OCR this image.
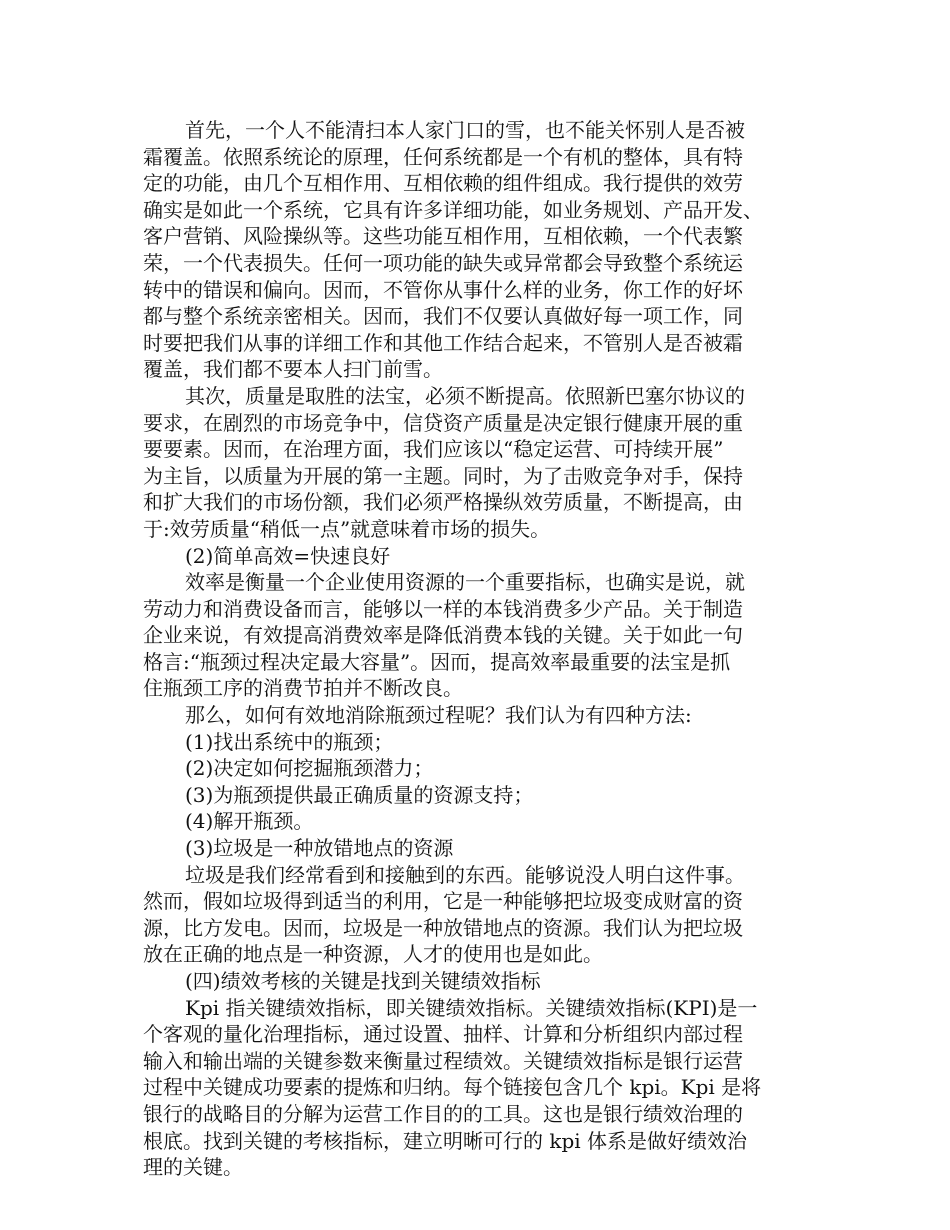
首先，一个人不能清扫本人家门口的雪，也不能关怀别人是否被
霜覆盖。依照系统论的原理，任何系统都是一个有机的整体，具有特
定的功能，由几个互相作用、互相依赖的组件组成。我行提供的效劳
确实是如此一个系统，它具有许多详细功能，如业务规划、产品开发、
客户营销、风险操纵等。这些功能互相作用，互相依赖，一个代表繁
荣，一个代表损失。任何一项功能的缺失或异常都会导致整个系统运
转中的错误和偏向。因而，不管你从事什么样的业务，你工作的好坏
都与整个系统亲密相关。因而，我们不仅要认真做好每一项工作，同
时要把我们从事的详细工作和其他工作结合起来，不管别人是否被霜
覆盖，我们都不要本人扫门前雪。
其次，质量是取胜的法宝，必须不断提高。依照新巴塞尔协议的
要求，在剧烈的市场竞争中，信贷资产质量是决定银行健康开展的重
要要素。因而，在治理方面，我们应该以“稳定运营、可持续开展”
为主旨，以质量为开展的第一主题。同时，为了击败竞争对手，保持
和扩大我们的市场份额，我们必须严格操纵效劳质量，不断提高，由
于:效劳质量“稍低一点”就意味着市场的损失。
(2)简单高效=快速良好
效率是衡量一个企业使用资源的一个重要指标，也确实是说，就
劳动力和消费设备而言，能够以一样的本钱消费多少产品。关于制造
企业来说，有效提高消费效率是降低消费本钱的关键。关于如此一句
格言:“瓶颈过程决定最大容量”。因而，提高效率最重要的法宝是抓
住瓶颈工序的消费节拍并不断改良。
那么，如何有效地消除瓶颈过程呢？我们认为有四种方法:
(1)找出系统中的瓶颈；
(2)决定如何挖掘瓶颈潜力；
(3)为瓶颈提供最正确质量的资源支持；
(4)解开瓶颈。
(3)垃圾是一种放错地点的资源
垃圾是我们经常看到和接触到的东西。能够说没人明白这件事。
然而，假如垃圾得到适当的利用，它是一种能够把垃圾变成财富的资
源，比方发电。因而，垃圾是一种放错地点的资源。我们认为把垃圾
放在正确的地点是一种资源，人才的使用也是如此。
(四)绩效考核的关键是找到关键绩效指标
Kpi 指关键绩效指标，即关键绩效指标。关键绩效指标(KPI)是一
个客观的量化治理指标，通过设置、抽样、计算和分析组织内部过程
输入和输出端的关键参数来衡量过程绩效。关键绩效指标是银行运营
过程中关键成功要素的提炼和归纳。每个链接包含几个 kpi。Kpi 是将
银行的战略目的分解为运营工作目的的工具。这也是银行绩效治理的
根底。找到关键的考核指标，建立明晰可行的 kpi 体系是做好绩效治
理的关键。
